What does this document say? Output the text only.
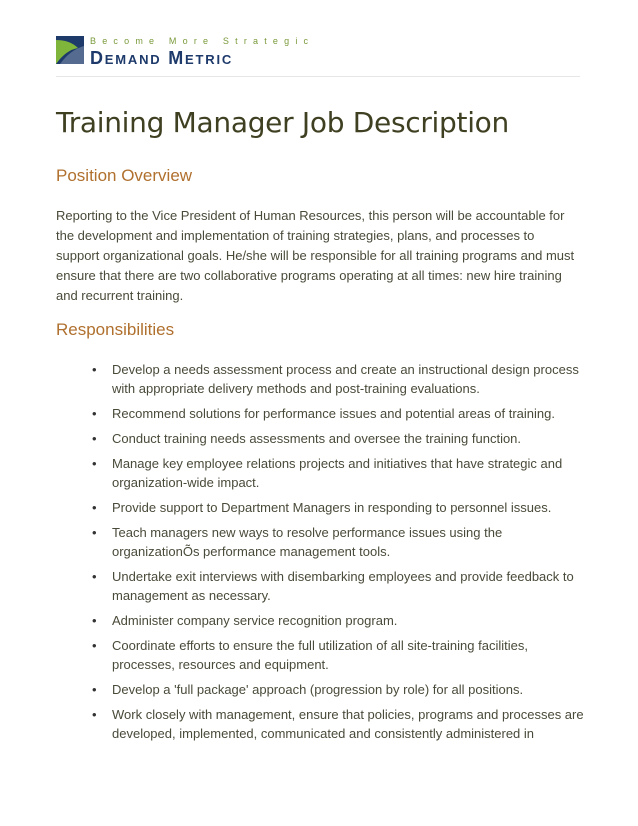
Become More Strategic
Demand Metric
Training Manager Job Description
Position Overview

Reporting to the Vice President of Human Resources, this person will be accountable for the development and implementation of training strategies, plans, and processes to support organizational goals. He/she will be responsible for all training programs and must ensure that there are two collaborative programs operating at all times: new hire training and recurrent training.

Responsibilities
• Develop a needs assessment process and create an instructional design process with appropriate delivery methods and post-training evaluations.
• Recommend solutions for performance issues and potential areas of training.
• Conduct training needs assessments and oversee the training function.
• Manage key employee relations projects and initiatives that have strategic and organization-wide impact.
• Provide support to Department Managers in responding to personnel issues.
• Teach managers new ways to resolve performance issues using the organizationÕs performance management tools.
• Undertake exit interviews with disembarking employees and provide feedback to management as necessary.
• Administer company service recognition program.
• Coordinate efforts to ensure the full utilization of all site-training facilities, processes, resources and equipment.
• Develop a 'full package' approach (progression by role) for all positions.
• Work closely with management, ensure that policies, programs and processes are developed, implemented, communicated and consistently administered in
